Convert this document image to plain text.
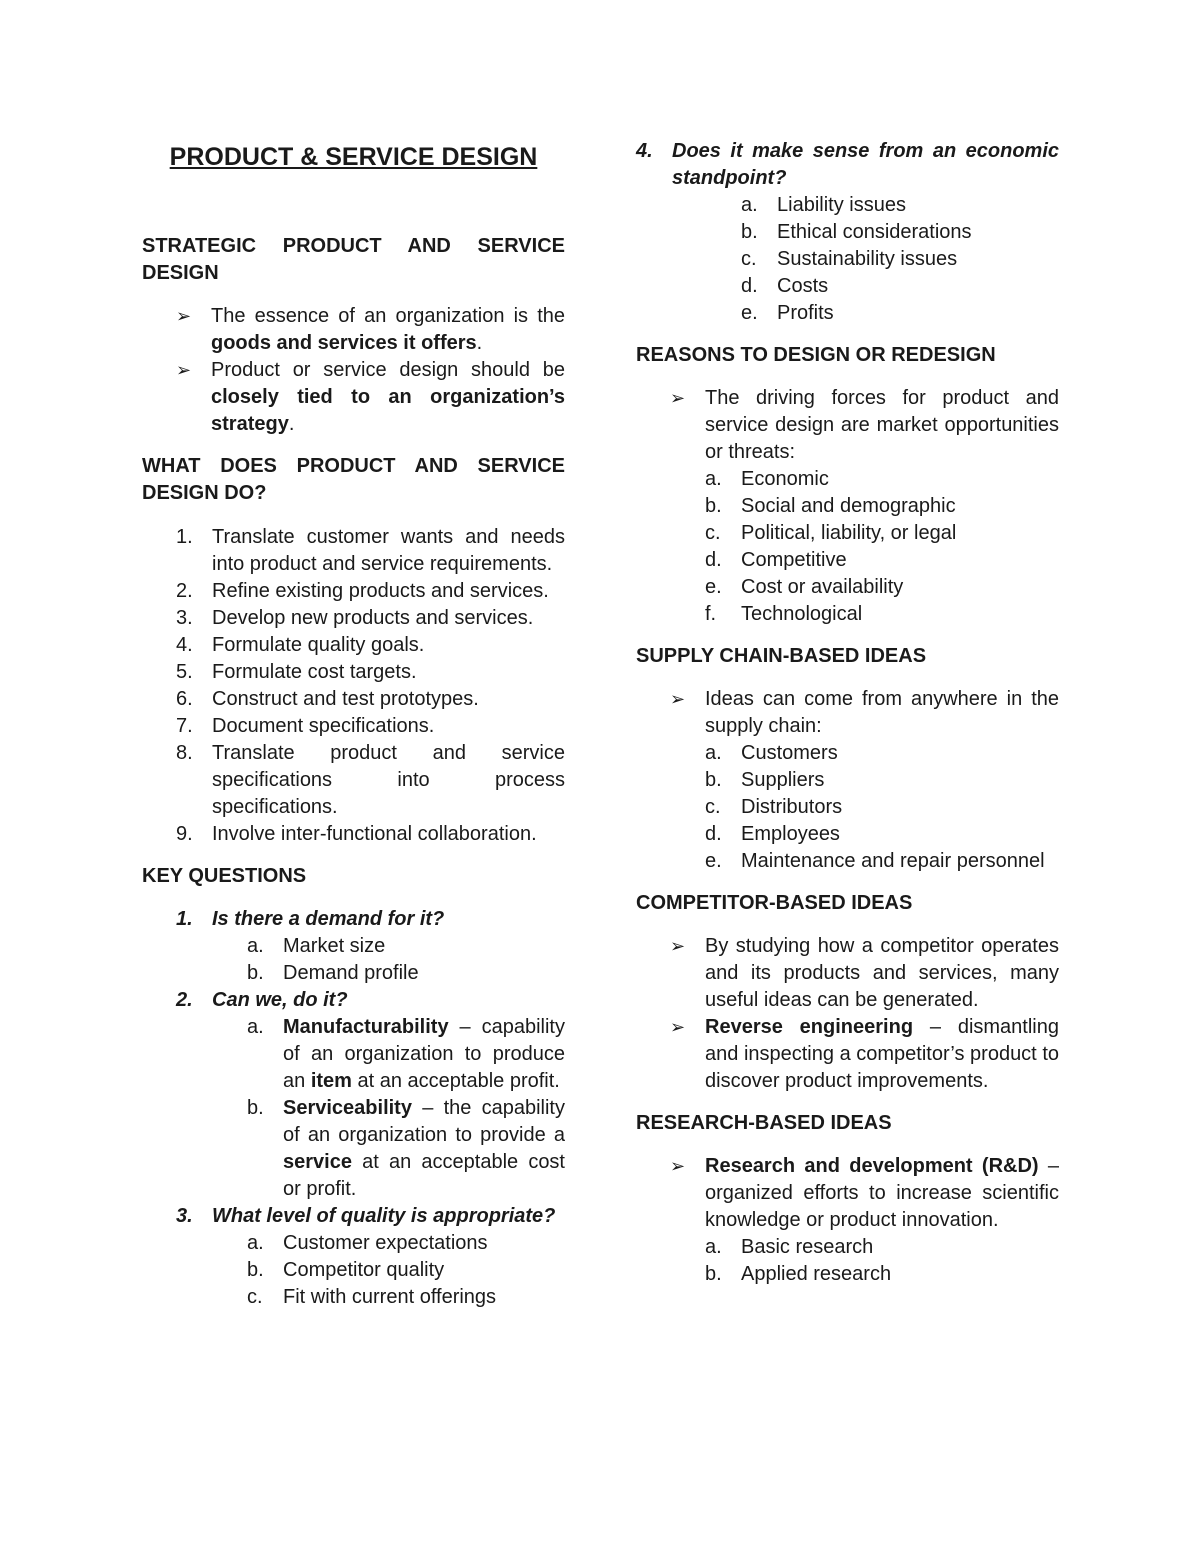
PRODUCT & SERVICE DESIGN

STRATEGIC PRODUCT AND SERVICE DESIGN

➢ The essence of an organization is the goods and services it offers.
➢ Product or service design should be closely tied to an organization’s strategy.

WHAT DOES PRODUCT AND SERVICE DESIGN DO?

1. Translate customer wants and needs into product and service requirements.
2. Refine existing products and services.
3. Develop new products and services.
4. Formulate quality goals.
5. Formulate cost targets.
6. Construct and test prototypes.
7. Document specifications.
8. Translate product and service specifications into process specifications.
9. Involve inter-functional collaboration.

KEY QUESTIONS

1. Is there a demand for it?
a. Market size
b. Demand profile
2. Can we, do it?
a. Manufacturability – capability of an organization to produce an item at an acceptable profit.
b. Serviceability – the capability of an organization to provide a service at an acceptable cost or profit.
3. What level of quality is appropriate?
a. Customer expectations
b. Competitor quality
c.	Fit with current offerings
4. Does it make sense from an economic standpoint?
a. Liability issues
b. Ethical considerations
c.	Sustainability issues
d. Costs
e. Profits

REASONS TO DESIGN OR REDESIGN

➢ The driving forces for product and service design are market opportunities or threats:
a. Economic
b. Social and demographic
c.	Political, liability, or legal
d. Competitive
e. Cost or availability
f.	Technological

SUPPLY CHAIN-BASED IDEAS

➢ Ideas can come from anywhere in the supply chain:
a. Customers
b. Suppliers
c.	Distributors
d. Employees
e. Maintenance and repair personnel

COMPETITOR-BASED IDEAS

➢ By studying how a competitor operates and its products and services, many useful ideas can be generated.
➢ Reverse engineering – dismantling and inspecting a competitor’s product to discover product improvements.

RESEARCH-BASED IDEAS

➢ Research and development (R&D) – organized efforts to increase scientific knowledge or product innovation.
a. Basic research
b. Applied research
